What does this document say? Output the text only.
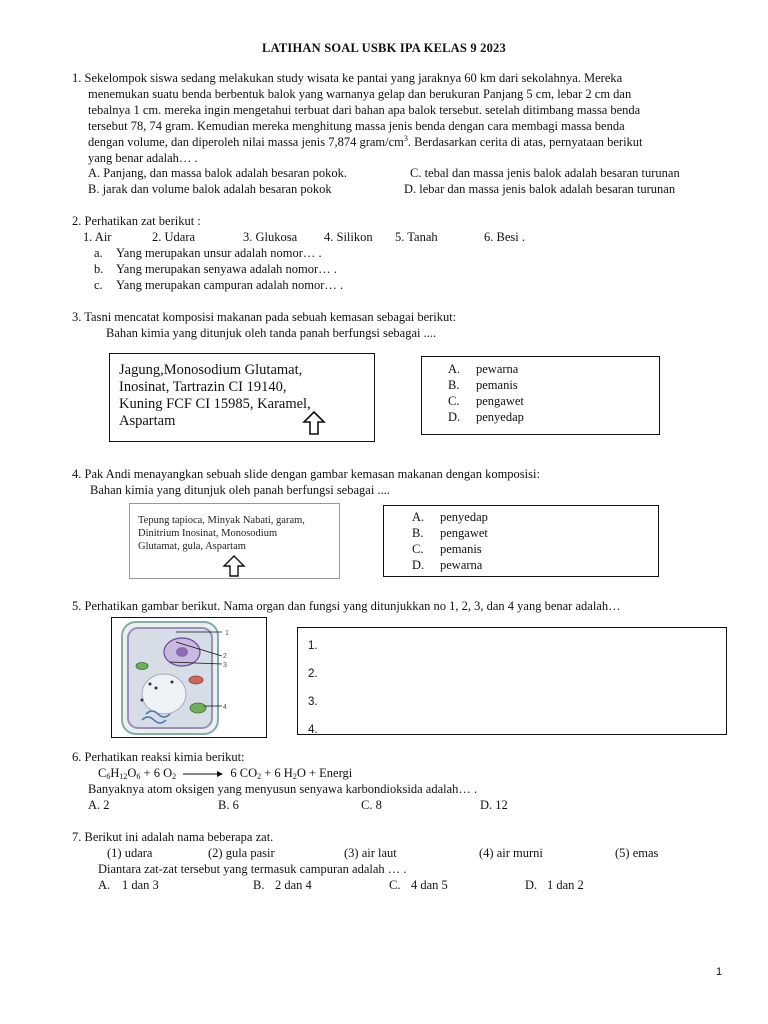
LATIHAN SOAL USBK IPA KELAS 9 2023
1. Sekelompok siswa sedang melakukan study wisata ke pantai yang jaraknya 60 km dari sekolahnya. Mereka
menemukan suatu benda berbentuk balok yang warnanya gelap dan berukuran Panjang 5 cm, lebar 2 cm dan
tebalnya 1 cm. mereka ingin mengetahui terbuat dari bahan apa balok tersebut. setelah ditimbang massa benda
tersebut 78, 74 gram. Kemudian mereka menghitung massa jenis benda dengan cara membagi massa benda
dengan volume, dan diperoleh nilai massa jenis 7,874 gram/$cm^3$. Berdasarkan cerita di atas, pernyataan berikut
yang benar adalah… .
A. Panjang, dan massa balok adalah besaran pokok.	C. tebal dan massa jenis balok adalah besaran turunan
B. jarak dan volume balok adalah besaran pokok	D. lebar dan massa jenis balok adalah besaran turunan
2. Perhatikan zat berikut :
1. Air	2. Udara	3. Glukosa 4. Silikon 5. Tanah	6. Besi .
a. Yang merupakan unsur adalah nomor… .
b. Yang merupakan senyawa adalah nomor… .
c. Yang merupakan campuran adalah nomor… .
3. Tasni mencatat komposisi makanan pada sebuah kemasan sebagai berikut:
Bahan kimia yang ditunjuk oleh tanda panah berfungsi sebagai ....
Jagung,Monosodium Glutamat,
Inosinat, Tartrazin CI 19140,
Kuning FCF CI 15985, Karamel,
Aspartam
A. pewarna
B. pemanis
C. pengawet
D. penyedap
4. Pak Andi menayangkan sebuah slide dengan gambar kemasan makanan dengan komposisi:
Bahan kimia yang ditunjuk oleh panah berfungsi sebagai ....
Tepung tapioca, Minyak Nabati, garam,
Dinitrium Inosinat, Monosodium
Glutamat, gula, Aspartam
A. penyedap
B. pengawet
C. pemanis
D. pewarna
5. Perhatikan gambar berikut. Nama organ dan fungsi yang ditunjukkan no 1, 2, 3, dan 4 yang benar adalah…
1
2
3
4
1.
2.
3.
4.
6. Perhatikan reaksi kimia berikut:
$C_6H_{12}O_6 + 6$ $O_2 \to 6$ $CO_2 + 6$ $H_2O$ + Energi
Banyaknya atom oksigen yang menyusun senyawa karbondioksida adalah… .
A. 2	B. 6	C. 8	D. 12
7. Berikut ini adalah nama beberapa zat.
(1) udara	(2) gula pasir	(3) air laut	(4) air murni	(5) emas
Diantara zat-zat tersebut yang termasuk campuran adalah … .
A. 1 dan 3	B. 2 dan 4	C. 4 dan 5	D. 1 dan 2
1
